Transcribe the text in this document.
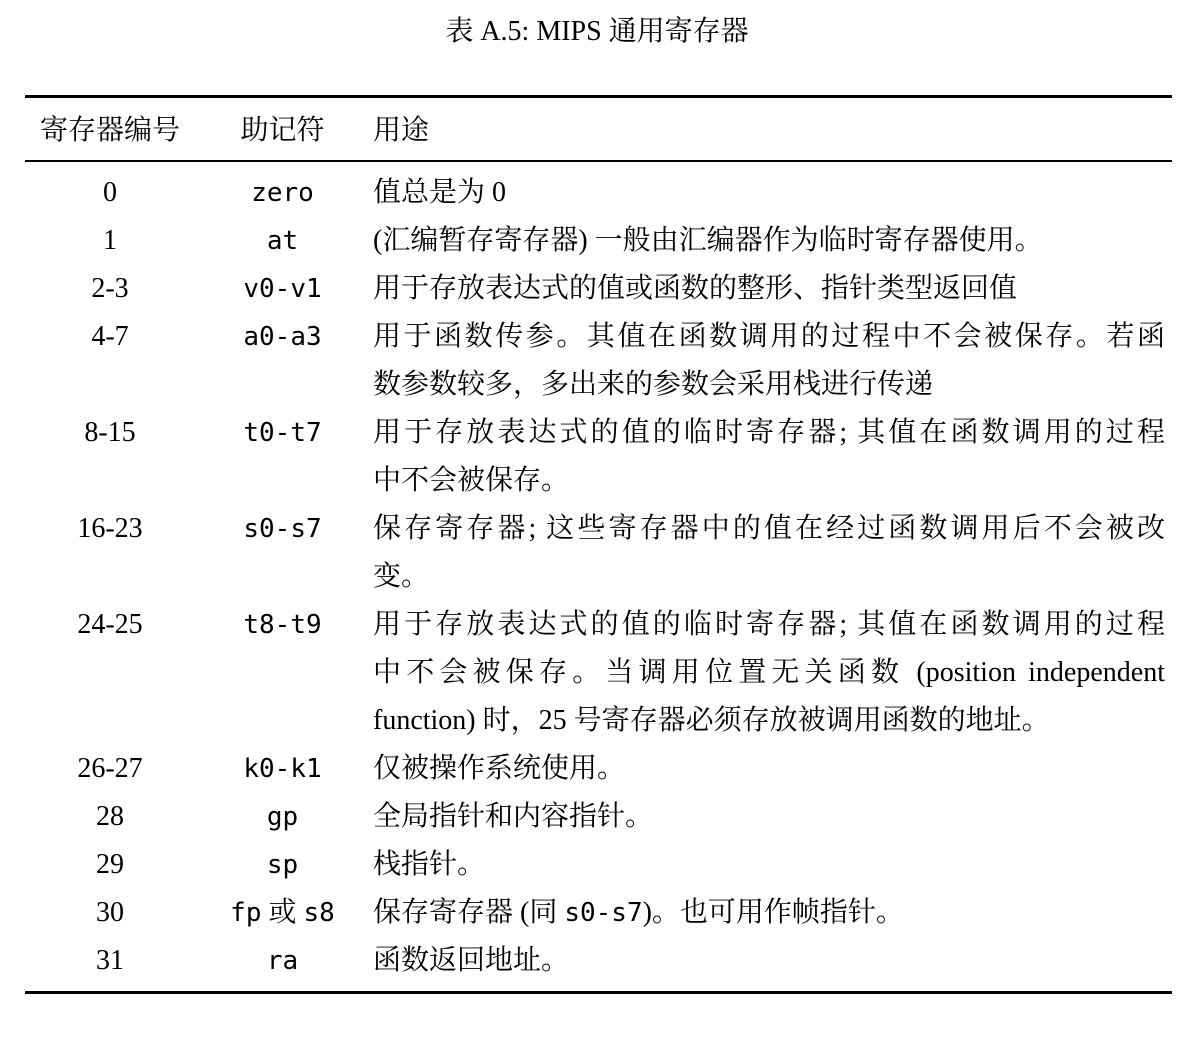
表 A.5: MIPS 通用寄存器
寄存器编号	助记符	用途
0	zero	值总是为 0
1	at	(汇编暂存寄存器) 一般由汇编器作为临时寄存器使用。
2-3	v0-v1	用于存放表达式的值或函数的整形、指针类型返回值
4-7	a0-a3	用于函数传参。其值在函数调用的过程中不会被保存。若函
数参数较多，多出来的参数会采用栈进行传递
8-15	t0-t7	用于存放表达式的值的临时寄存器; 其值在函数调用的过程
中不会被保存。
16-23	s0-s7	保存寄存器; 这些寄存器中的值在经过函数调用后不会被改
变。
24-25	t8-t9	用于存放表达式的值的临时寄存器; 其值在函数调用的过程
中不会被保存。当调用位置无关函数 (position independent
function) 时，25 号寄存器必须存放被调用函数的地址。
26-27	k0-k1	仅被操作系统使用。
28	gp	全局指针和内容指针。
29	sp	栈指针。
30	fp 或 s8	保存寄存器 (同 s0-s7)。也可用作帧指针。
31	ra	函数返回地址。
